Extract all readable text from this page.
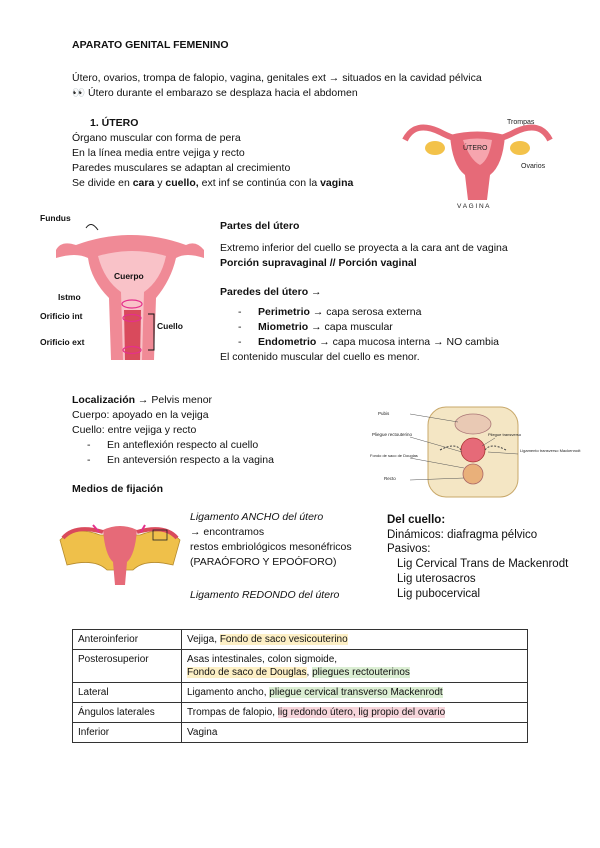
APARATO GENITAL FEMENINO
Útero, ovarios, trompa de falopio, vagina, genitales ext → situados en la cavidad pélvica
👀 Útero durante el embarazo se desplaza hacia el abdomen
1. ÚTERO
Órgano muscular con forma de pera
En la línea media entre vejiga y recto
Paredes musculares se adaptan al crecimiento
Se divide en cara y cuello, ext inf se continúa con la vagina
Trompas
ÚTERO
Ovarios
V A G I N A
Fundus
Cuerpo
Istmo
Orificio int
Cuello
Orificio ext
Partes del útero
Extremo inferior del cuello se proyecta a la cara ant de vagina
Porción supravaginal // Porción vaginal
Paredes del útero →
Perimetrio → capa serosa externa
Miometrio → capa muscular
Endometrio → capa mucosa interna → NO cambia
El contenido muscular del cuello es menor.
Localización → Pelvis menor
Cuerpo: apoyado en la vejiga
Cuello: entre vejiga y recto
En anteflexión respecto al cuello
En anteversión respecto a la vagina
Pubis
Pliegue rectouterino
Fondo de saco de Douglas
Recto
Pliegue transverso
Ligamento transverso Mackenrodt
Medios de fijación
Ligamento ANCHO del útero
→ encontramos
restos embriológicos mesonéfricos
(PARAÓFORO Y EPOÓFORO)
Ligamento REDONDO del útero
Del cuello:
Dinámicos: diafragma pélvico
Pasivos:
Lig Cervical Trans de Mackenrodt
Lig uterosacros
Lig pubocervical
Anteroinferior	Vejiga, Fondo de saco vesicouterino
Posterosuperior	Asas intestinales, colon sigmoide,
Fondo de saco de Douglas, pliegues rectouterinos
Lateral	Ligamento ancho, pliegue cervical transverso Mackenrodt
Ángulos laterales	Trompas de falopio, lig redondo útero, lig propio del ovario
Inferior	Vagina
